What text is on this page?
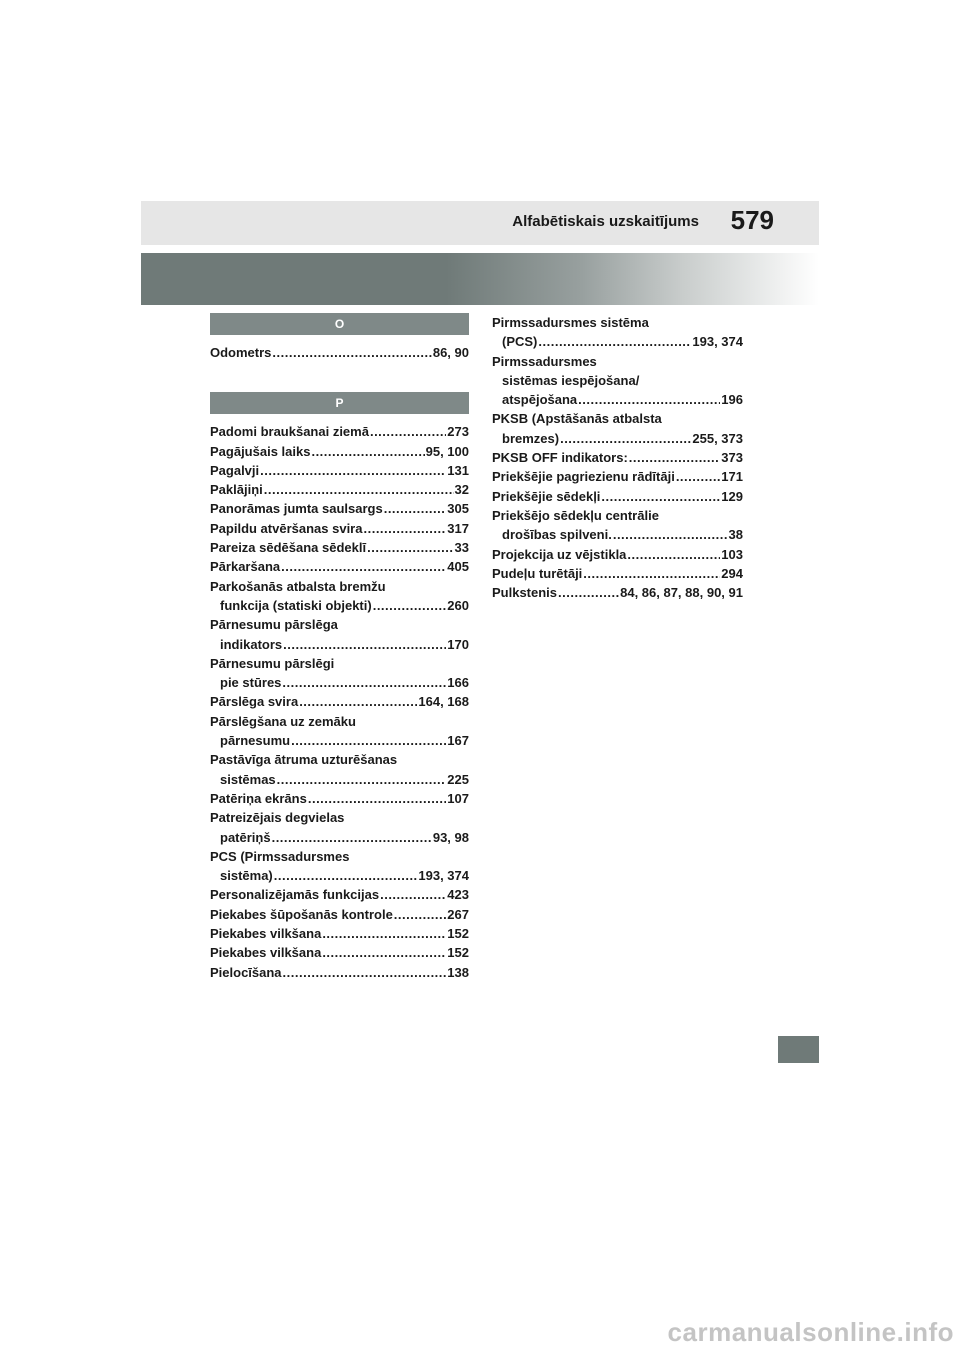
Alfabētiskais uzskaitījums 579
O
Odometrs .....	86, 90
P
Padomi braukšanai ziemā .....	273
Pagājušais laiks .....	95, 100
Pagalvji .....	131
Paklājiņi .....	32
Panorāmas jumta saulsargs .....	305
Papildu atvēršanas svira .....	317
Pareiza sēdēšana sēdeklī .....	33
Pārkaršana .....	405
Parkošanās atbalsta bremžu
funkcija (statiski objekti) .....	260
Pārnesumu pārslēga
indikators .....	170
Pārnesumu pārslēgi
pie stūres .....	166
Pārslēga svira .....	164, 168
Pārslēgšana uz zemāku
pārnesumu .....	167
Pastāvīga ātruma uzturēšanas
sistēmas .....	225
Patēriņa ekrāns .....	107
Patreizējais degvielas
patēriņš .....	93, 98
PCS (Pirmssadursmes
sistēma) .....	193, 374
Personalizējamās funkcijas .....	423
Piekabes šūpošanās kontrole .....	267
Piekabes vilkšana .....	152
Piekabes vilkšana .....	152
Pielocīšana .....	138
Pirmssadursmes sistēma
(PCS) .....	193, 374
Pirmssadursmes
sistēmas iespējošana/
atspējošana .....	196
PKSB (Apstāšanās atbalsta
bremzes) .....	255, 373
PKSB OFF indikators: .....	373
Priekšējie pagriezienu rādītāji .....	171
Priekšējie sēdekļi .....	129
Priekšējo sēdekļu centrālie
drošības spilveni. .....	38
Projekcija uz vējstikla .....	103
Pudeļu turētāji .....	294
Pulkstenis .....	84, 86, 87, 88, 90, 91
carmanualsonline.info
